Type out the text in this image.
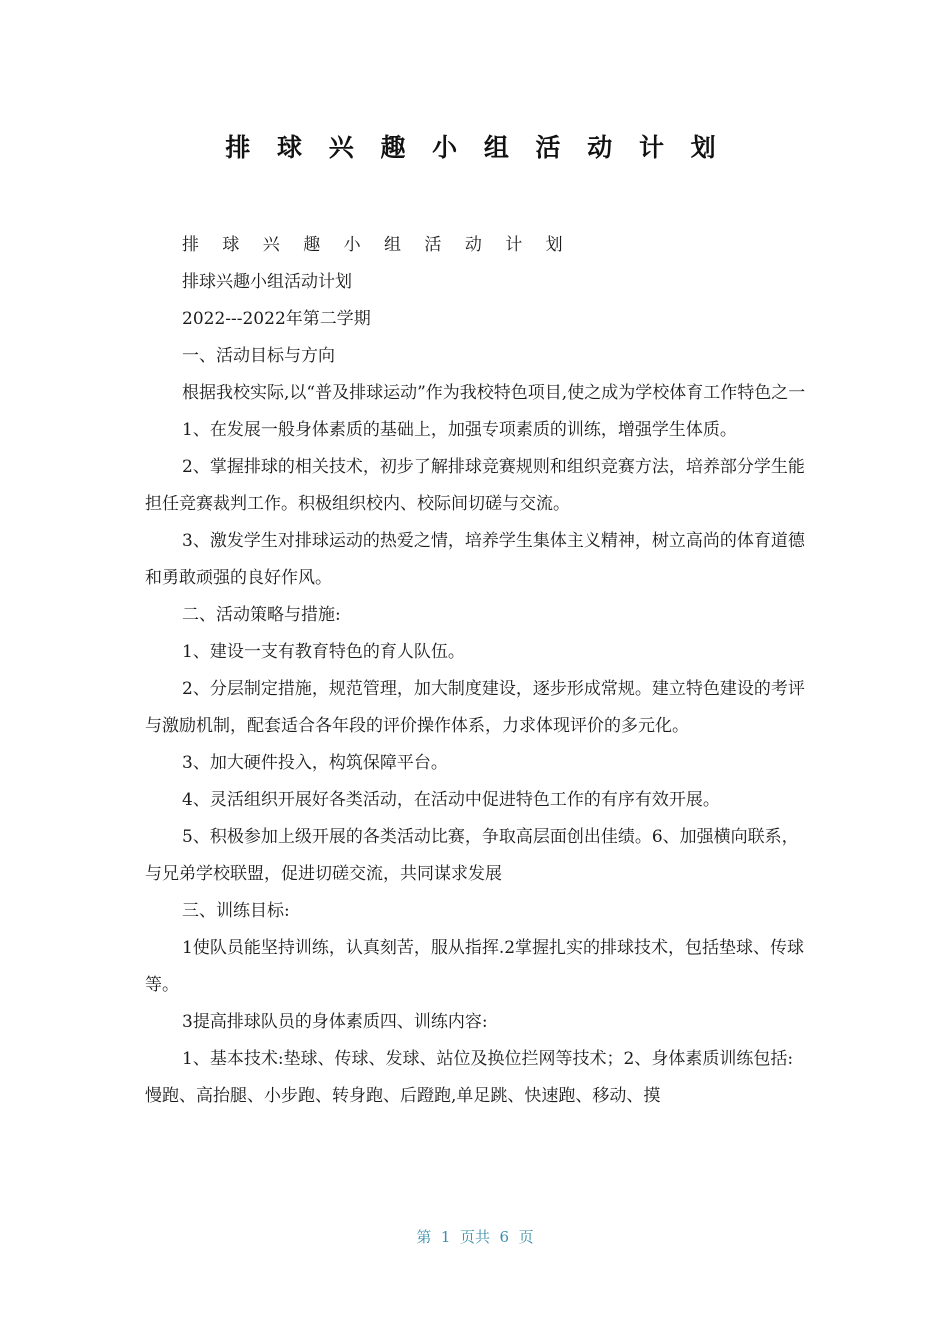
排 球 兴 趣 小 组 活 动 计 划

排 球 兴 趣 小 组 活 动 计 划

排球兴趣小组活动计划

2022---2022年第二学期

一、活动目标与方向

根据我校实际,以“普及排球运动”作为我校特色项目,使之成为学校体育工作特色之一

1、在发展一般身体素质的基础上，加强专项素质的训练，增强学生体质。

2、掌握排球的相关技术，初步了解排球竞赛规则和组织竞赛方法，培养部分学生能担任竞赛裁判工作。积极组织校内、校际间切磋与交流。

3、激发学生对排球运动的热爱之情，培养学生集体主义精神，树立高尚的体育道德和勇敢顽强的良好作风。

二、活动策略与措施:

1、建设一支有教育特色的育人队伍。

2、分层制定措施，规范管理，加大制度建设，逐步形成常规。建立特色建设的考评与激励机制，配套适合各年段的评价操作体系，力求体现评价的多元化。

3、加大硬件投入，构筑保障平台。

4、灵活组织开展好各类活动，在活动中促进特色工作的有序有效开展。

5、积极参加上级开展的各类活动比赛，争取高层面创出佳绩。6、加强横向联系，与兄弟学校联盟，促进切磋交流，共同谋求发展

三、训练目标:

1使队员能坚持训练，认真刻苦，服从指挥.2掌握扎实的排球技术，包括垫球、传球等。

3提高排球队员的身体素质四、训练内容:

1、基本技术:垫球、传球、发球、站位及换位拦网等技术；2、身体素质训练包括:慢跑、高抬腿、小步跑、转身跑、后蹬跑,单足跳、快速跑、移动、摸

第  1  页共  6  页
